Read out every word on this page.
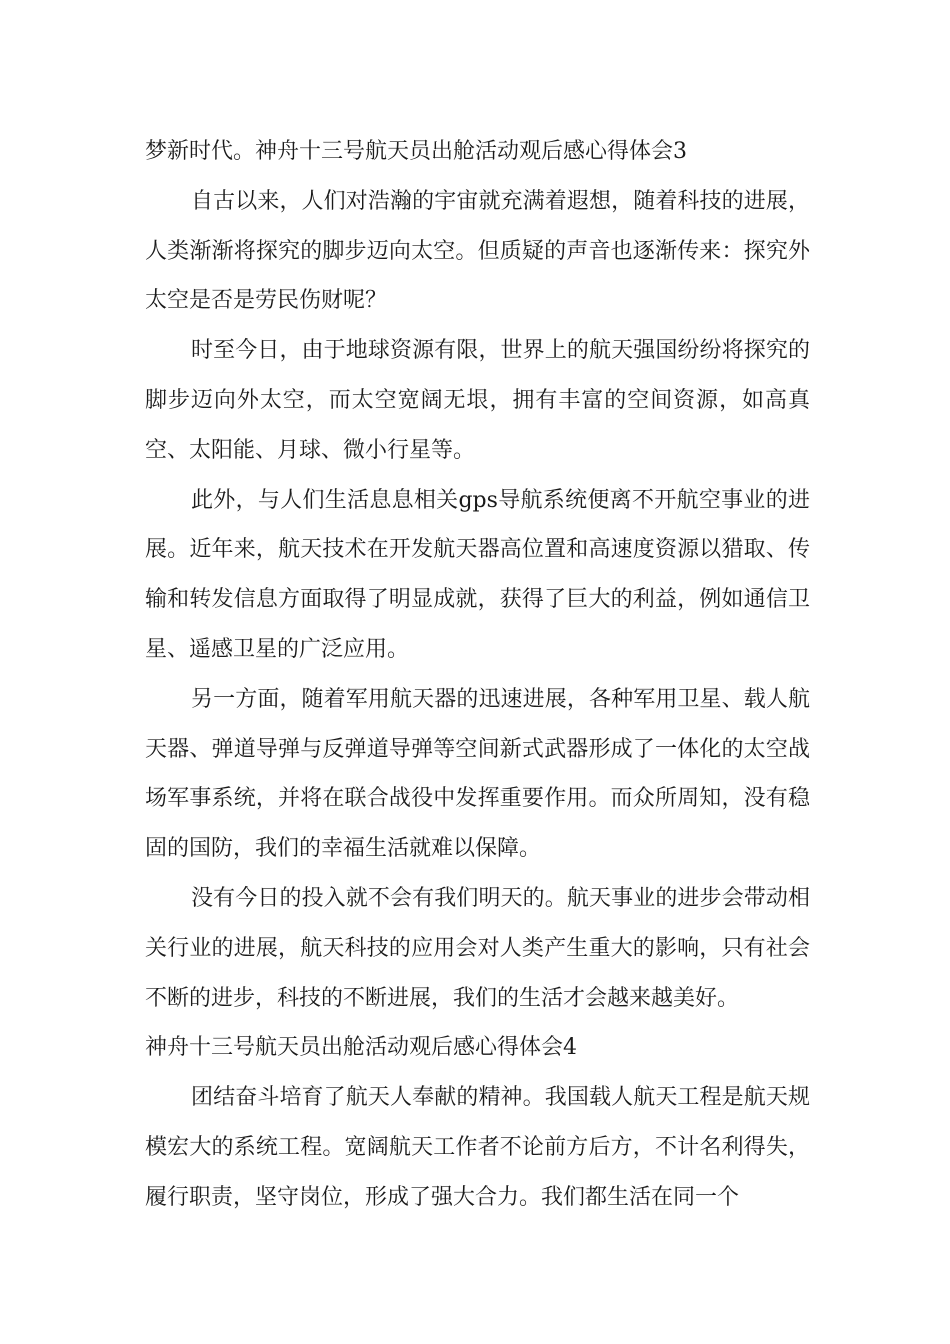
梦新时代。神舟十三号航天员出舱活动观后感心得体会3

自古以来，人们对浩瀚的宇宙就充满着遐想，随着科技的进展，人类渐渐将探究的脚步迈向太空。但质疑的声音也逐渐传来：探究外太空是否是劳民伤财呢？

时至今日，由于地球资源有限，世界上的航天强国纷纷将探究的脚步迈向外太空，而太空宽阔无垠，拥有丰富的空间资源，如高真空、太阳能、月球、微小行星等。

此外，与人们生活息息相关gps导航系统便离不开航空事业的进展。近年来，航天技术在开发航天器高位置和高速度资源以猎取、传输和转发信息方面取得了明显成就，获得了巨大的利益，例如通信卫星、遥感卫星的广泛应用。

另一方面，随着军用航天器的迅速进展，各种军用卫星、载人航天器、弹道导弹与反弹道导弹等空间新式武器形成了一体化的太空战场军事系统，并将在联合战役中发挥重要作用。而众所周知，没有稳固的国防，我们的幸福生活就难以保障。

没有今日的投入就不会有我们明天的。航天事业的进步会带动相关行业的进展，航天科技的应用会对人类产生重大的影响，只有社会不断的进步，科技的不断进展，我们的生活才会越来越美好。

神舟十三号航天员出舱活动观后感心得体会4

团结奋斗培育了航天人奉献的精神。我国载人航天工程是航天规模宏大的系统工程。宽阔航天工作者不论前方后方，不计名利得失，履行职责，坚守岗位，形成了强大合力。我们都生活在同一个
